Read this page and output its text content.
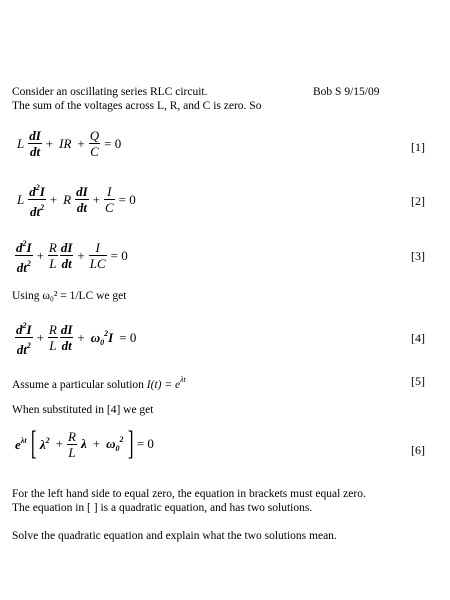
Consider an oscillating series RLC circuit.	Bob S 9/15/09
The sum of the voltages across L, R, and C is zero. So
L $\frac{dI}{dt}$ + IR + $\frac{Q}{C} = 0$	[1]
L $\frac{d^2I}{dt^2} + R \frac{dI}{dt} + \frac{I}{C} = 0$	[2]
$\frac{d^2I}{dt^2} + \frac{R}{L} \frac{dI}{dt} + \frac{I}{LC} = 0$	[3]
Using ω₀² = 1/LC we get
$\frac{d^2I}{dt^2} + \frac{R}{L} \frac{dI}{dt} + \omega_0^2I = 0$	[4]
Assume a particular solution $I(t) = e^{\lambda t}$	[5]
When substituted in [4] we get
$e^{\lambda t}$ [ $\lambda^2 + \frac{R}{L}$ $\lambda + \omega_0^2$ ] = 0	[6]
For the left hand side to equal zero, the equation in brackets must equal zero.
The equation in [ ] is a quadratic equation, and has two solutions.
Solve the quadratic equation and explain what the two solutions mean.
